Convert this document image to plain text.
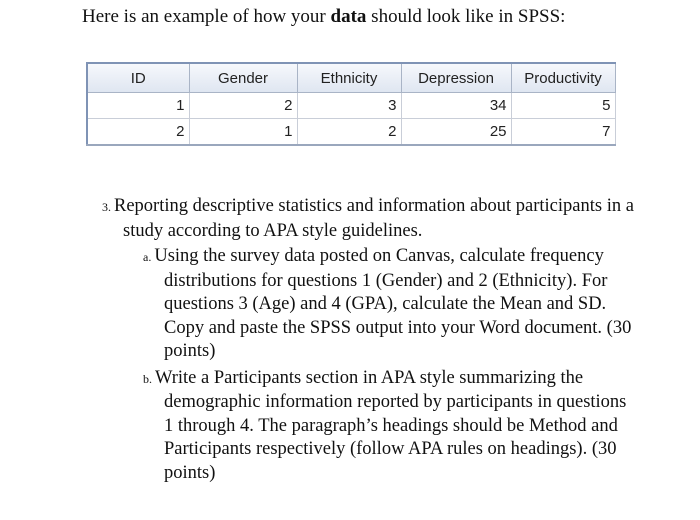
Here is an example of how your data should look like in SPSS:
ID	Gender	Ethnicity	Depression	Productivity
1	2	3	34	5
2	1	2	25	7
3. Reporting descriptive statistics and information about participants in a study according to APA style guidelines.
a. Using the survey data posted on Canvas, calculate frequency distributions for questions 1 (Gender) and 2 (Ethnicity). For questions 3 (Age) and 4 (GPA), calculate the Mean and SD. Copy and paste the SPSS output into your Word document. (30 points)
b. Write a Participants section in APA style summarizing the demographic information reported by participants in questions 1 through 4. The paragraph’s headings should be Method and Participants respectively (follow APA rules on headings). (30 points)
